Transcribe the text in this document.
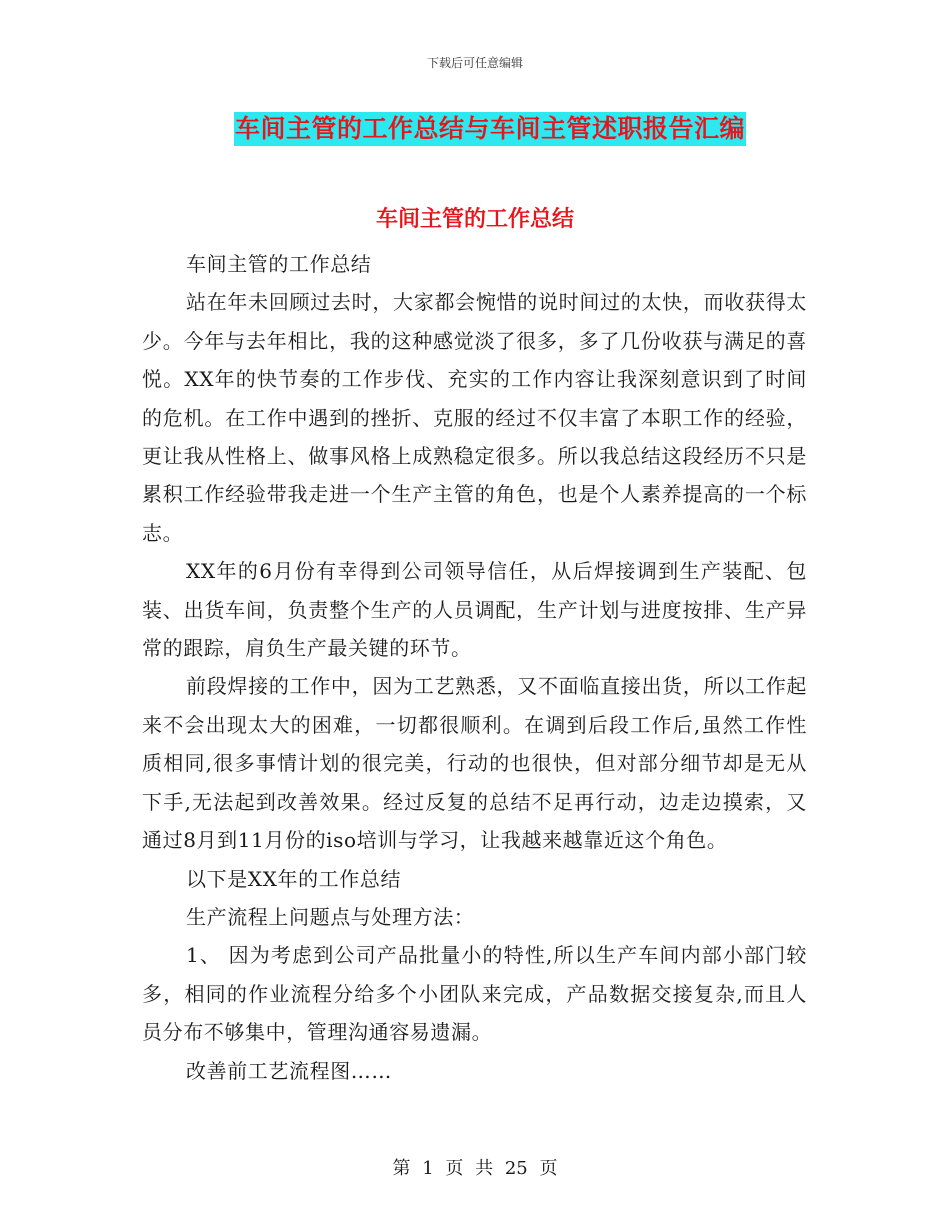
下载后可任意编辑
车间主管的工作总结与车间主管述职报告汇编
车间主管的工作总结

车间主管的工作总结

站在年未回顾过去时，大家都会惋惜的说时间过的太快，而收获得太少。今年与去年相比，我的这种感觉淡了很多，多了几份收获与满足的喜悦。XX年的快节奏的工作步伐、充实的工作内容让我深刻意识到了时间的危机。在工作中遇到的挫折、克服的经过不仅丰富了本职工作的经验，更让我从性格上、做事风格上成熟稳定很多。所以我总结这段经历不只是累积工作经验带我走进一个生产主管的角色，也是个人素养提高的一个标志。

XX年的6月份有幸得到公司领导信任，从后焊接调到生产装配、包装、出货车间，负责整个生产的人员调配，生产计划与进度按排、生产异常的跟踪，肩负生产最关键的环节。

前段焊接的工作中，因为工艺熟悉，又不面临直接出货，所以工作起来不会出现太大的困难，一切都很顺利。在调到后段工作后,虽然工作性质相同,很多事情计划的很完美，行动的也很快，但对部分细节却是无从下手,无法起到改善效果。经过反复的总结不足再行动，边走边摸索，又通过8月到11月份的iso培训与学习，让我越来越靠近这个角色。

以下是XX年的工作总结

生产流程上问题点与处理方法：

1、 因为考虑到公司产品批量小的特性,所以生产车间内部小部门较多，相同的作业流程分给多个小团队来完成，产品数据交接复杂,而且人员分布不够集中，管理沟通容易遗漏。

改善前工艺流程图……

第 1 页 共 25 页
